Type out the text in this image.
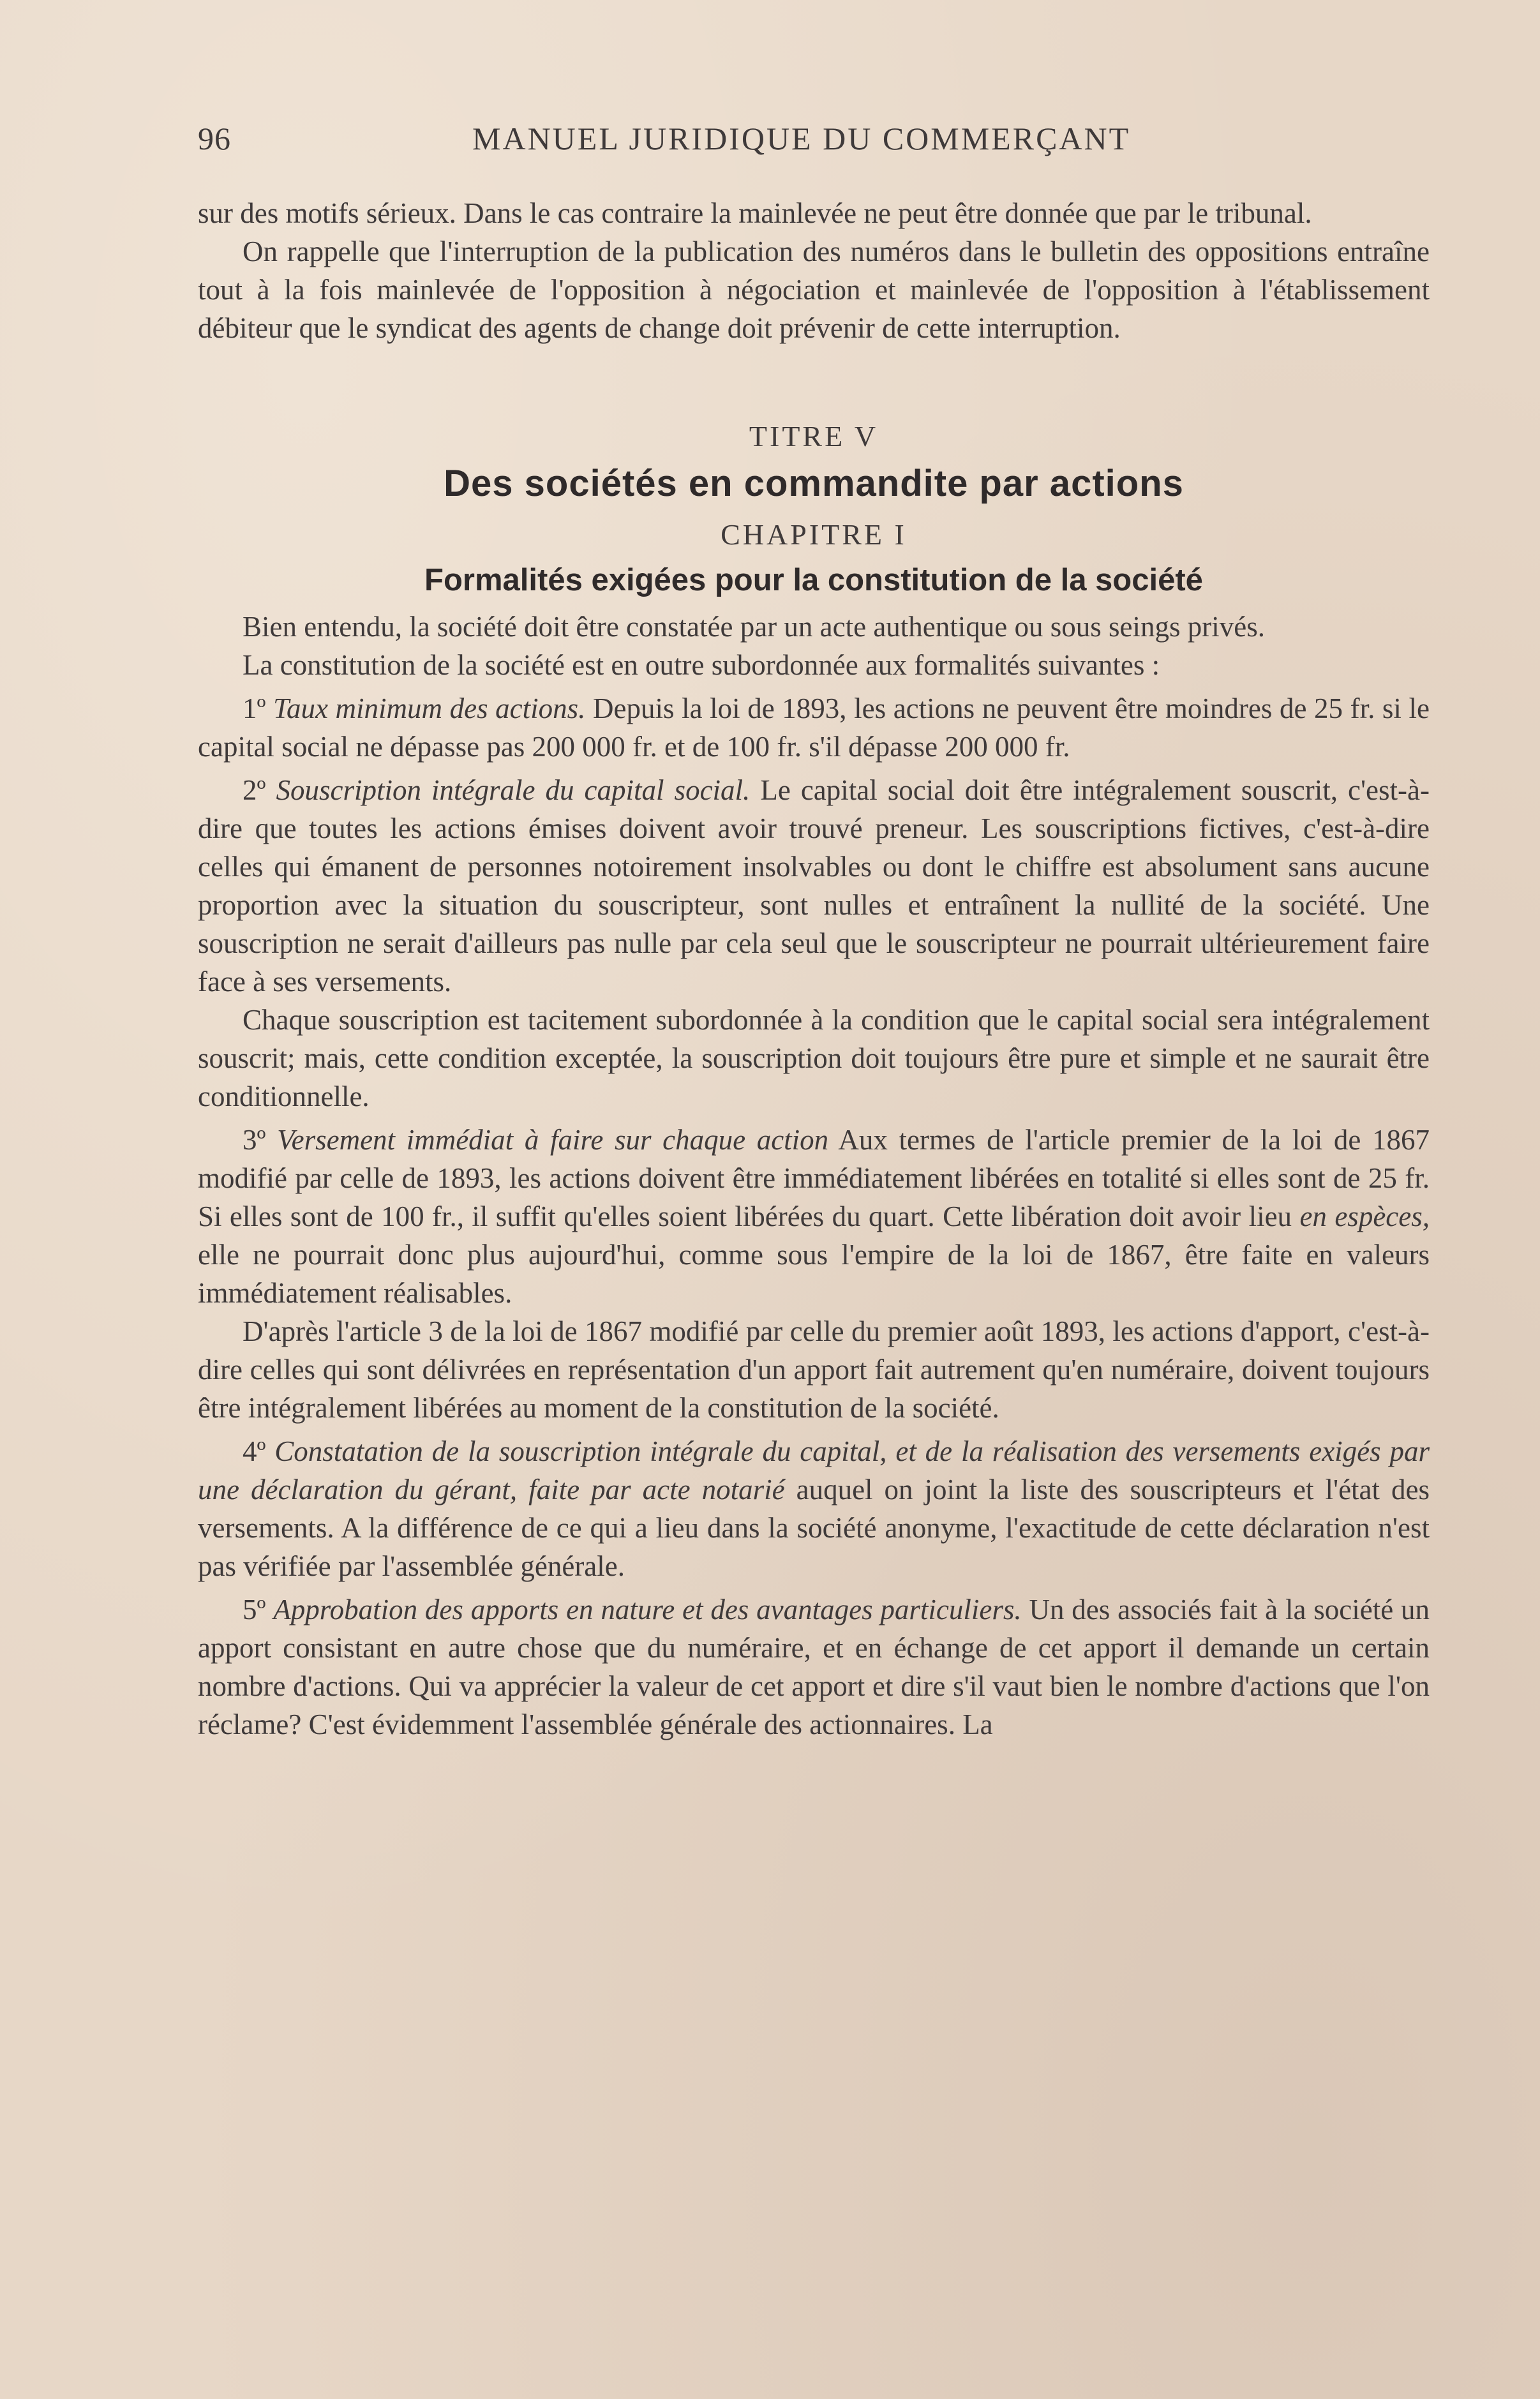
96	MANUEL JURIDIQUE DU COMMERÇANT

sur des motifs sérieux. Dans le cas contraire la mainlevée ne peut être donnée que par le tribunal.

On rappelle que l'interruption de la publication des numéros dans le bulletin des oppositions entraîne tout à la fois mainlevée de l'opposition à négociation et mainlevée de l'opposition à l'établissement débiteur que le syndicat des agents de change doit prévenir de cette interruption.

TITRE V

Des sociétés en commandite par actions

CHAPITRE I

Formalités exigées pour la constitution de la société

Bien entendu, la société doit être constatée par un acte authentique ou sous seings privés.

La constitution de la société est en outre subordonnée aux formalités suivantes :

1º Taux minimum des actions. Depuis la loi de 1893, les actions ne peuvent être moindres de 25 fr. si le capital social ne dépasse pas 200 000 fr. et de 100 fr. s'il dépasse 200 000 fr.

2º Souscription intégrale du capital social. Le capital social doit être intégralement souscrit, c'est-à-dire que toutes les actions émises doivent avoir trouvé preneur. Les souscriptions fictives, c'est-à-dire celles qui émanent de personnes notoirement insolvables ou dont le chiffre est absolument sans aucune proportion avec la situation du souscripteur, sont nulles et entraînent la nullité de la société. Une souscription ne serait d'ailleurs pas nulle par cela seul que le souscripteur ne pourrait ultérieurement faire face à ses versements.

Chaque souscription est tacitement subordonnée à la condition que le capital social sera intégralement souscrit; mais, cette condition exceptée, la souscription doit toujours être pure et simple et ne saurait être conditionnelle.

3º Versement immédiat à faire sur chaque action Aux termes de l'article premier de la loi de 1867 modifié par celle de 1893, les actions doivent être immédiatement libérées en totalité si elles sont de 25 fr. Si elles sont de 100 fr., il suffit qu'elles soient libérées du quart. Cette libération doit avoir lieu en espèces, elle ne pourrait donc plus aujourd'hui, comme sous l'empire de la loi de 1867, être faite en valeurs immédiatement réalisables.

D'après l'article 3 de la loi de 1867 modifié par celle du premier août 1893, les actions d'apport, c'est-à-dire celles qui sont délivrées en représentation d'un apport fait autrement qu'en numéraire, doivent toujours être intégralement libérées au moment de la constitution de la société.

4º Constatation de la souscription intégrale du capital, et de la réalisation des versements exigés par une déclaration du gérant, faite par acte notarié auquel on joint la liste des souscripteurs et l'état des versements. A la différence de ce qui a lieu dans la société anonyme, l'exactitude de cette déclaration n'est pas vérifiée par l'assemblée générale.

5º Approbation des apports en nature et des avantages particuliers. Un des associés fait à la société un apport consistant en autre chose que du numéraire, et en échange de cet apport il demande un certain nombre d'actions. Qui va apprécier la valeur de cet apport et dire s'il vaut bien le nombre d'actions que l'on réclame? C'est évidemment l'assemblée générale des actionnaires. La
